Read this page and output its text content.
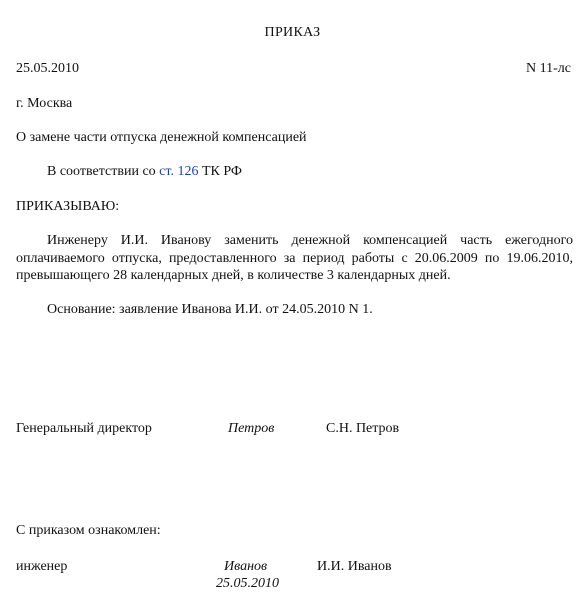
ПРИКАЗ
25.05.2010	N 11-лс
г. Москва
О замене части отпуска денежной компенсацией
В соответствии со ст. 126 ТК РФ
ПРИКАЗЫВАЮ:
Инженеру И.И. Иванову заменить денежной компенсацией часть ежегодного оплачиваемого отпуска, предоставленного за период работы с 20.06.2009 по 19.06.2010, превышающего 28 календарных дней, в количестве 3 календарных дней.
Основание: заявление Иванова И.И. от 24.05.2010 N 1.
Генеральный директор	Петров	С.Н. Петров
С приказом ознакомлен:
инженер	Иванов	И.И. Иванов
25.05.2010
